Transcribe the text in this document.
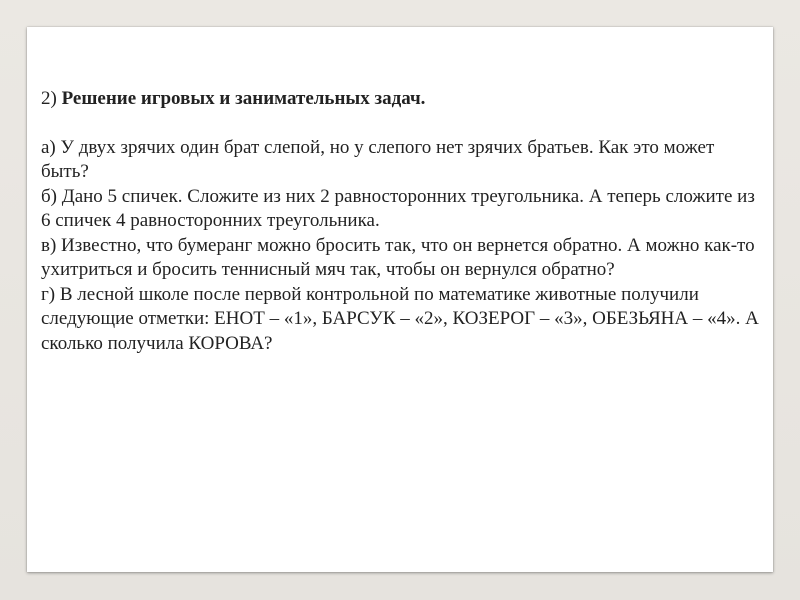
2) Решение игровых и занимательных задач.

а) У двух зрячих один брат слепой, но у слепого нет зрячих братьев. Как это может быть?

б) Дано 5 спичек. Сложите из них 2 равносторонних треугольника. А теперь сложите из 6 спичек 4 равносторонних треугольника.

в) Известно, что бумеранг можно бросить так, что он вернется обратно. А можно как-то ухитриться и бросить теннисный мяч так, чтобы он вернулся обратно?

г) В лесной школе после первой контрольной по математике животные получили следующие отметки: ЕНОТ – «1», БАРСУК – «2», КОЗЕРОГ – «3», ОБЕЗЬЯНА – «4». А сколько получила КОРОВА?
